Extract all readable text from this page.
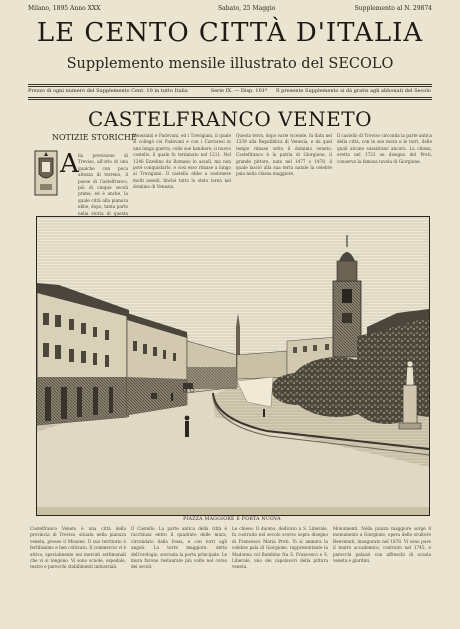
Milano, 1895 Anno XXX	Sabato, 25 Maggio	Supplemento al N. 29874
LE CENTO CITTÀ D'ITALIA
Supplemento mensile illustrato del SECOLO
Prezzo di ogni numero del Supplemento Cent. 10 in tutto Italia	Serie IX. — Disp. 101ª	Il presente Supplemento si dà gratis agli abbonati del Secolo
CASTELFRANCO VENETO
NOTIZIE STORICHE
A lla previsione di Treviso, all'orlo di una qualche con poca altezza di terreno, il paese di Castelfranco, più di cinque secoli prima; ed è anche, la quale città alla pianura ebbe, dopo, tanta parte nella storia di questa
Veneziani e Padovani, ed i Trevigiani, il quale si collegò coi Padovani e con i Carraresi in una lunga guerra, colle sue bandiere, il nuovo castello, il quale fu terminato nel 1211. Nel 1246 Ezzelino da Romano lo assalì, ma non poté conquistarlo, e così esso rimase a lungo ai Trevigiani. Il castello ebbe a sostenere molti assedi, finché tutto lo stato tornò nel dominio di Venezia.
Questa terra, dopo varie vicende, fu data nel 1339 alla Repubblica di Venezia, e da quel tempo rimase sotto il dominio veneto. Castelfranco è la patria di Giorgione, il grande pittore, nato nel 1477 o 1478, il quale lasciò alla sua terra natale la celebre pala nella chiesa maggiore.
Il castello di Treviso circonda la parte antica della città, con le sue mura e le torri, delle quali alcune sussistono ancora. La chiesa, eretta nel 1723 su disegno del Preti, conserva la famosa tavola di Giorgione.
PIAZZA MAGGIORE E PORTA NUOVA
Castelfranco Veneto è una città della provincia di Treviso, situata nella pianura veneta, presso il Musone. Il suo territorio è fertilissimo e ben coltivato. Il commercio vi è attivo, specialmente nei mercati settimanali che vi si tengono. Vi sono scuole, ospedale, teatro e parecchi stabilimenti industriali.
Il Castello. La parte antica della città è racchiusa entro il quadrato delle mura, circondato dalla fossa, e con torri agli angoli. La torre maggiore, detta dell'orologio, sovrasta la porta principale. Le mura furono restaurate più volte nel corso dei secoli.
Le chiese. Il duomo, dedicato a S. Liberale, fu costruito nel secolo scorso sopra disegno di Francesco Maria Preti. Vi si ammira la celebre pala di Giorgione, rappresentante la Madonna col Bambino fra S. Francesco e S. Liberale, uno dei capolavori della pittura veneta.
Monumenti. Nella piazza maggiore sorge il monumento a Giorgione, opera dello scultore Benvenuti, inaugurato nel 1878. Vi sono pure il teatro accademico, costruito nel 1745, e parecchi palazzi con affreschi di scuola veneta e giardini.
